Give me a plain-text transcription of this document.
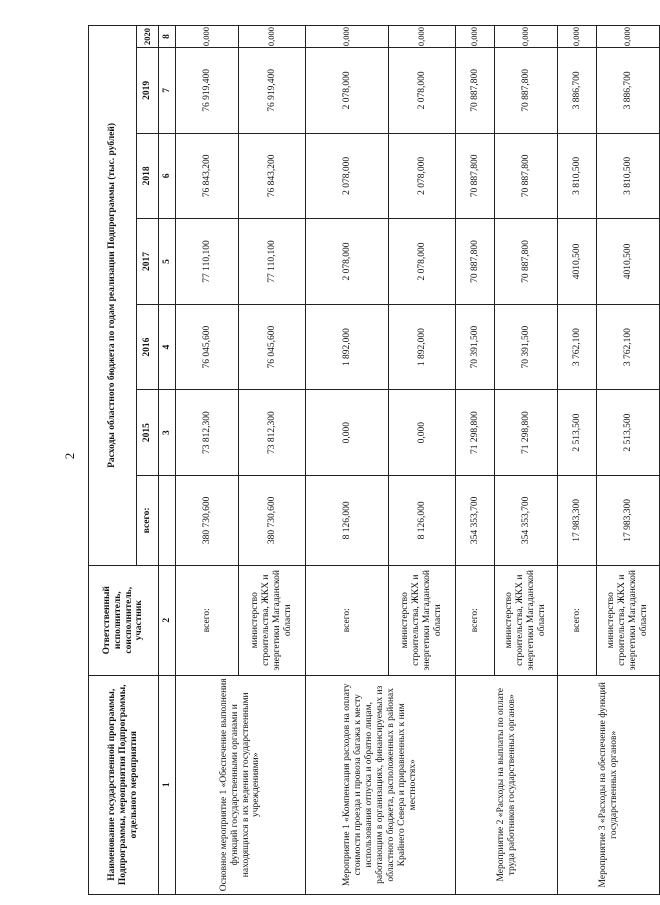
2
Наименование государственной программы, Подпрограммы, мероприятия Подпрограммы, отдельного мероприятия	Ответственный исполнитель, соисполнитель, участник	Расходы областного бюджета по годам реализации Подпрограммы (тыс. рублей)						
		всего:	2015	2016	2017	2018	2019	2020
1	2		3	4	5	6	7	8
Основное мероприятие 1 «Обеспечение выполнения функций государственными органами и находящихся в их ведении государственными учреждениями»	всего:	380 730,600	73 812,300	76 045,600	77 110,100	76 843,200	76 919,400	0,000
	министерство строительства, ЖКХ и энергетики Магаданской области	380 730,600	73 812,300	76 045,600	77 110,100	76 843,200	76 919,400	0,000
Мероприятие 1 «Компенсация расходов на оплату стоимости проезда и провоза багажа к месту использования отпуска и обратно лицам, работающим в организациях, финансируемых из областного бюджета, расположенных в районах Крайнего Севера и приравненных к ним местностях»	всего:	8 126,000	0,000	1 892,000	2 078,000	2 078,000	2 078,000	0,000
	министерство строительства, ЖКХ и энергетики Магаданской области	8 126,000	0,000	1 892,000	2 078,000	2 078,000	2 078,000	0,000
Мероприятие 2 «Расходы на выплаты по оплате труда работников государственных органов»	всего:	354 353,700	71 298,800	70 391,500	70 887,800	70 887,800	70 887,800	0,000
	министерство строительства, ЖКХ и энергетики Магаданской области	354 353,700	71 298,800	70 391,500	70 887,800	70 887,800	70 887,800	0,000
Мероприятие 3 «Расходы на обеспечение функций государственных органов»	всего:	17 983,300	2 513,500	3 762,100	4010,500	3 810,500	3 886,700	0,000
	министерство строительства, ЖКХ и энергетики Магаданской области	17 983,300	2 513,500	3 762,100	4010,500	3 810,500	3 886,700	0,000
